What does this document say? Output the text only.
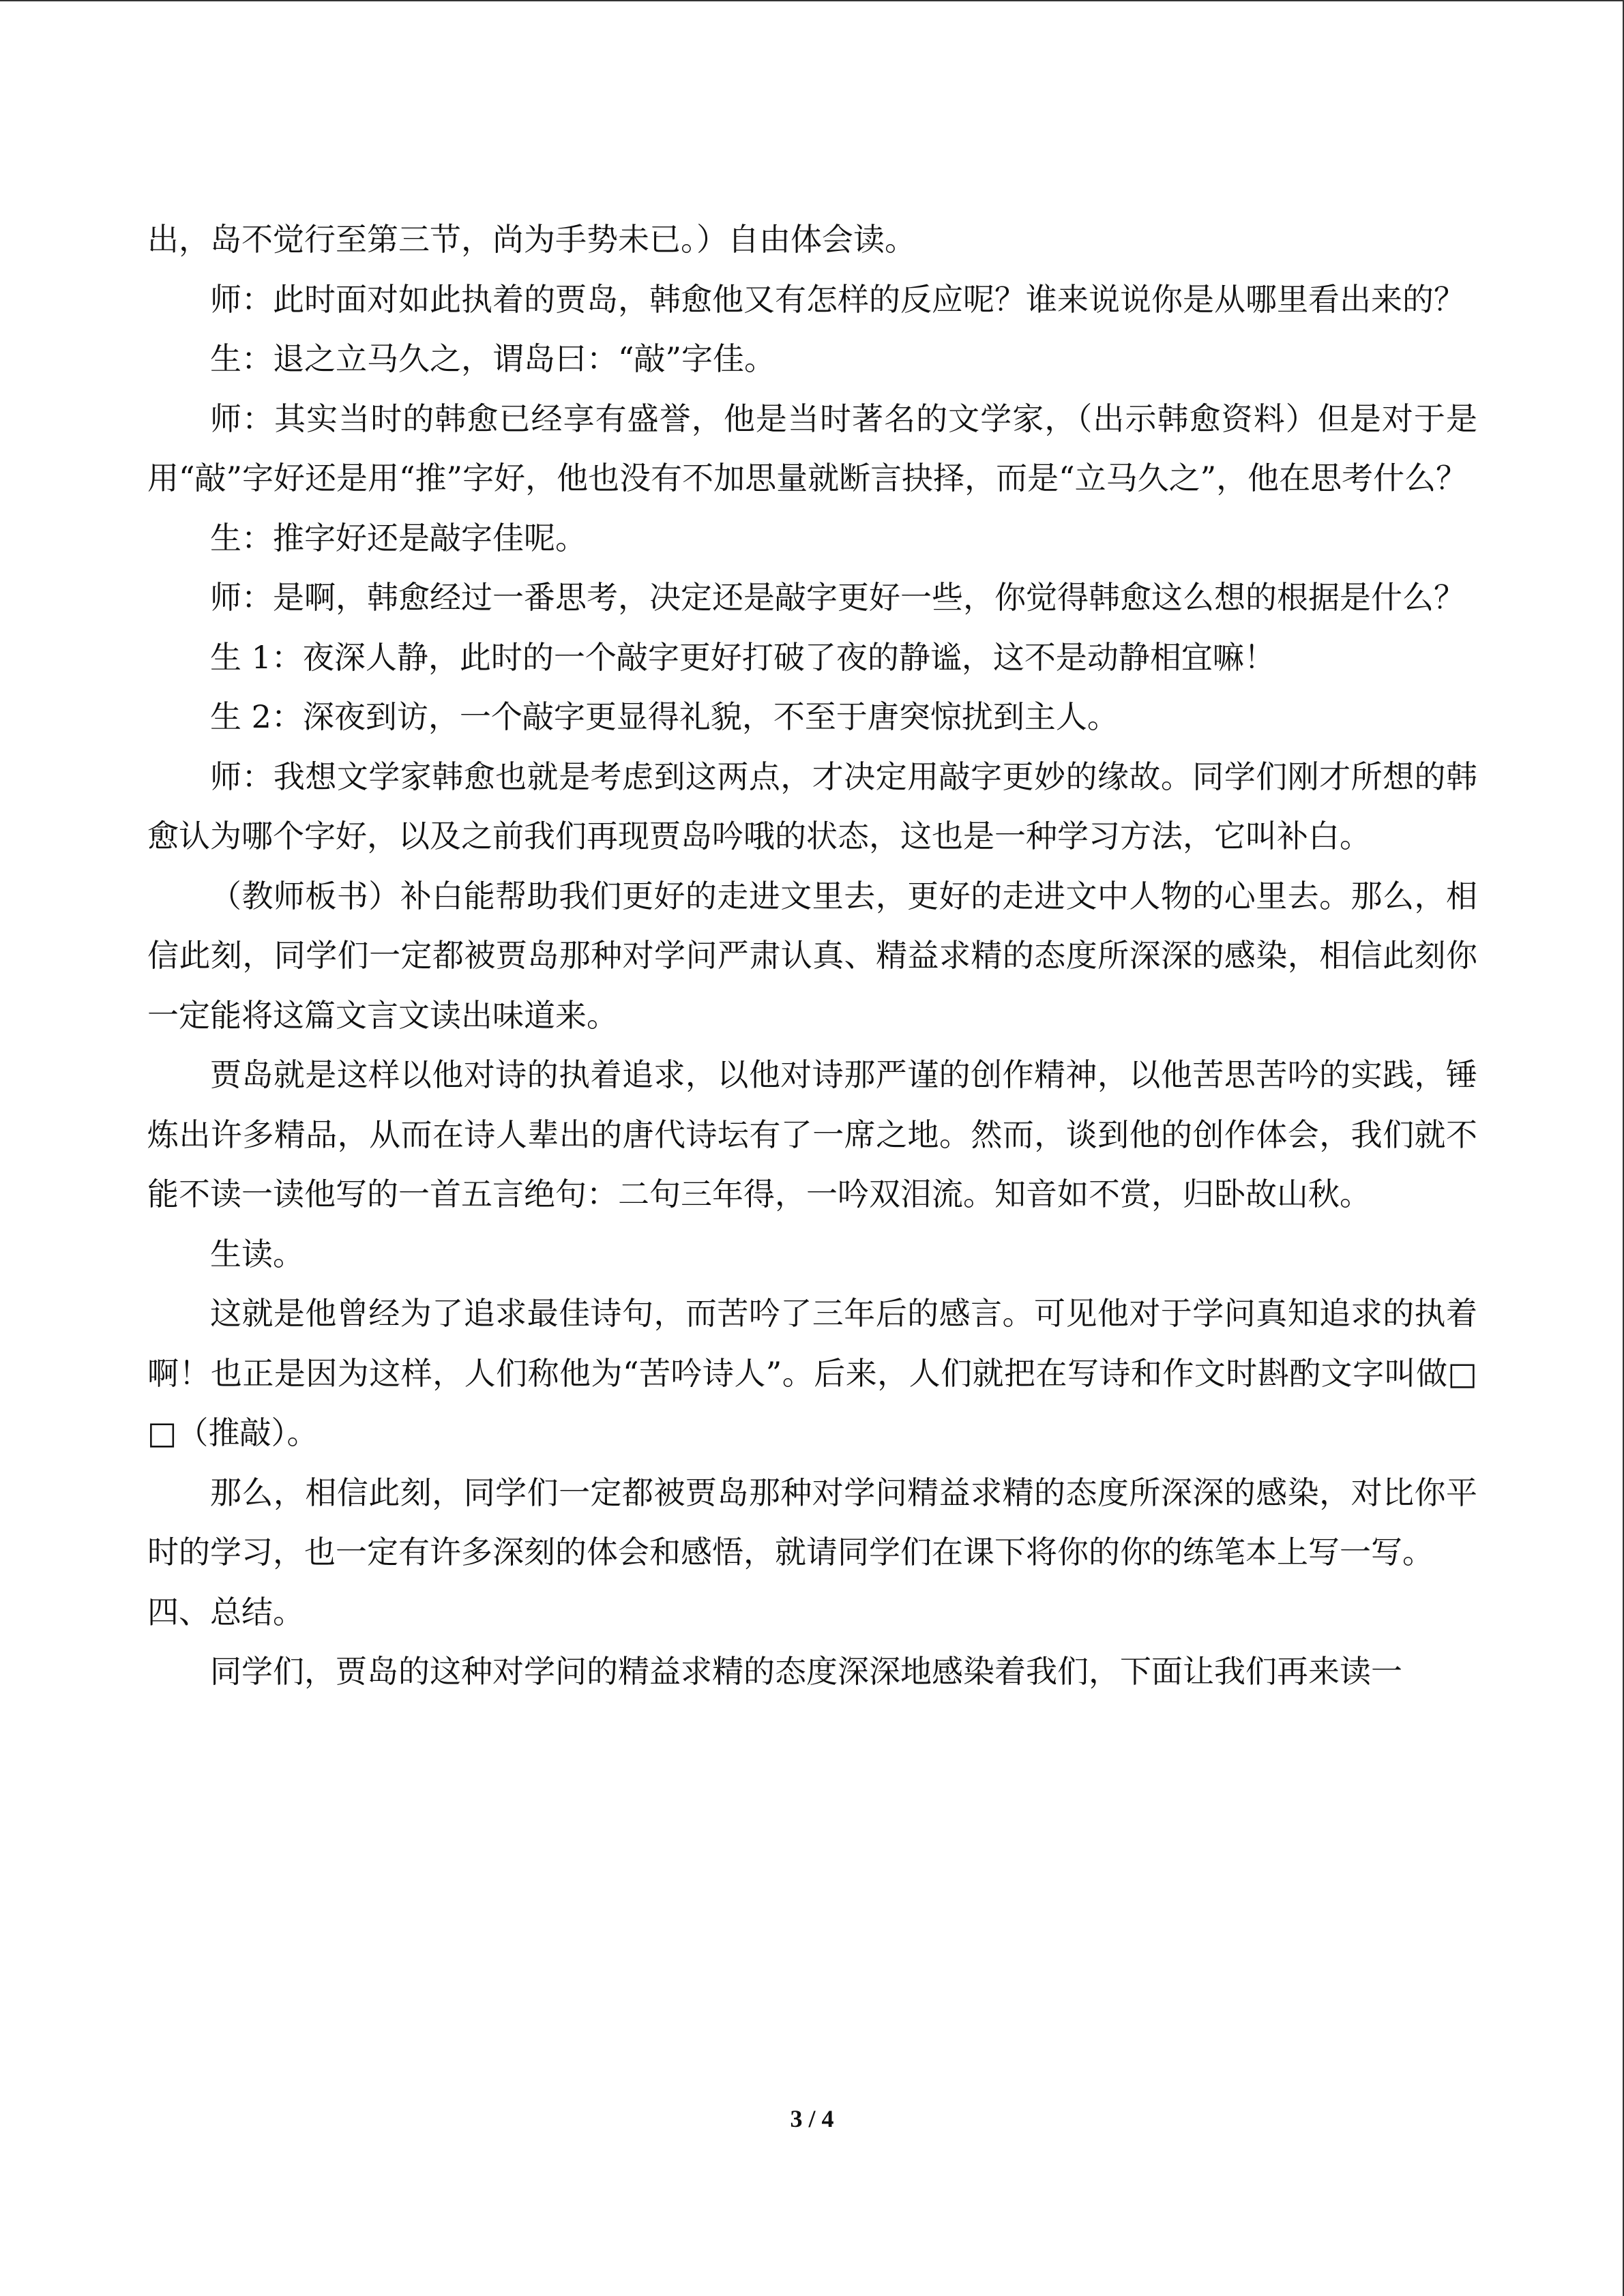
出，岛不觉行至第三节，尚为手势未已。）自由体会读。

师：此时面对如此执着的贾岛，韩愈他又有怎样的反应呢？谁来说说你是从哪里看出来的？

生：退之立马久之，谓岛曰：“敲”字佳。

师：其实当时的韩愈已经享有盛誉，他是当时著名的文学家，（出示韩愈资料）但是对于是用“敲”字好还是用“推”字好，他也没有不加思量就断言抉择，而是“立马久之”，他在思考什么？

生：推字好还是敲字佳呢。

师：是啊，韩愈经过一番思考，决定还是敲字更好一些，你觉得韩愈这么想的根据是什么？

生 1：夜深人静，此时的一个敲字更好打破了夜的静谧，这不是动静相宜嘛！

生 2：深夜到访，一个敲字更显得礼貌，不至于唐突惊扰到主人。

师：我想文学家韩愈也就是考虑到这两点，才决定用敲字更妙的缘故。同学们刚才所想的韩愈认为哪个字好，以及之前我们再现贾岛吟哦的状态，这也是一种学习方法，它叫补白。

（教师板书）补白能帮助我们更好的走进文里去，更好的走进文中人物的心里去。那么，相信此刻，同学们一定都被贾岛那种对学问严肃认真、精益求精的态度所深深的感染，相信此刻你一定能将这篇文言文读出味道来。

贾岛就是这样以他对诗的执着追求，以他对诗那严谨的创作精神，以他苦思苦吟的实践，锤炼出许多精品，从而在诗人辈出的唐代诗坛有了一席之地。然而，谈到他的创作体会，我们就不能不读一读他写的一首五言绝句：二句三年得，一吟双泪流。知音如不赏，归卧故山秋。

生读。

这就是他曾经为了追求最佳诗句，而苦吟了三年后的感言。可见他对于学问真知追求的执着啊！也正是因为这样，人们称他为“苦吟诗人”。后来，人们就把在写诗和作文时斟酌文字叫做□□（推敲）。

那么，相信此刻，同学们一定都被贾岛那种对学问精益求精的态度所深深的感染，对比你平时的学习，也一定有许多深刻的体会和感悟，就请同学们在课下将你的你的练笔本上写一写。

四、总结。

同学们，贾岛的这种对学问的精益求精的态度深深地感染着我们，下面让我们再来读一

3 / 4
